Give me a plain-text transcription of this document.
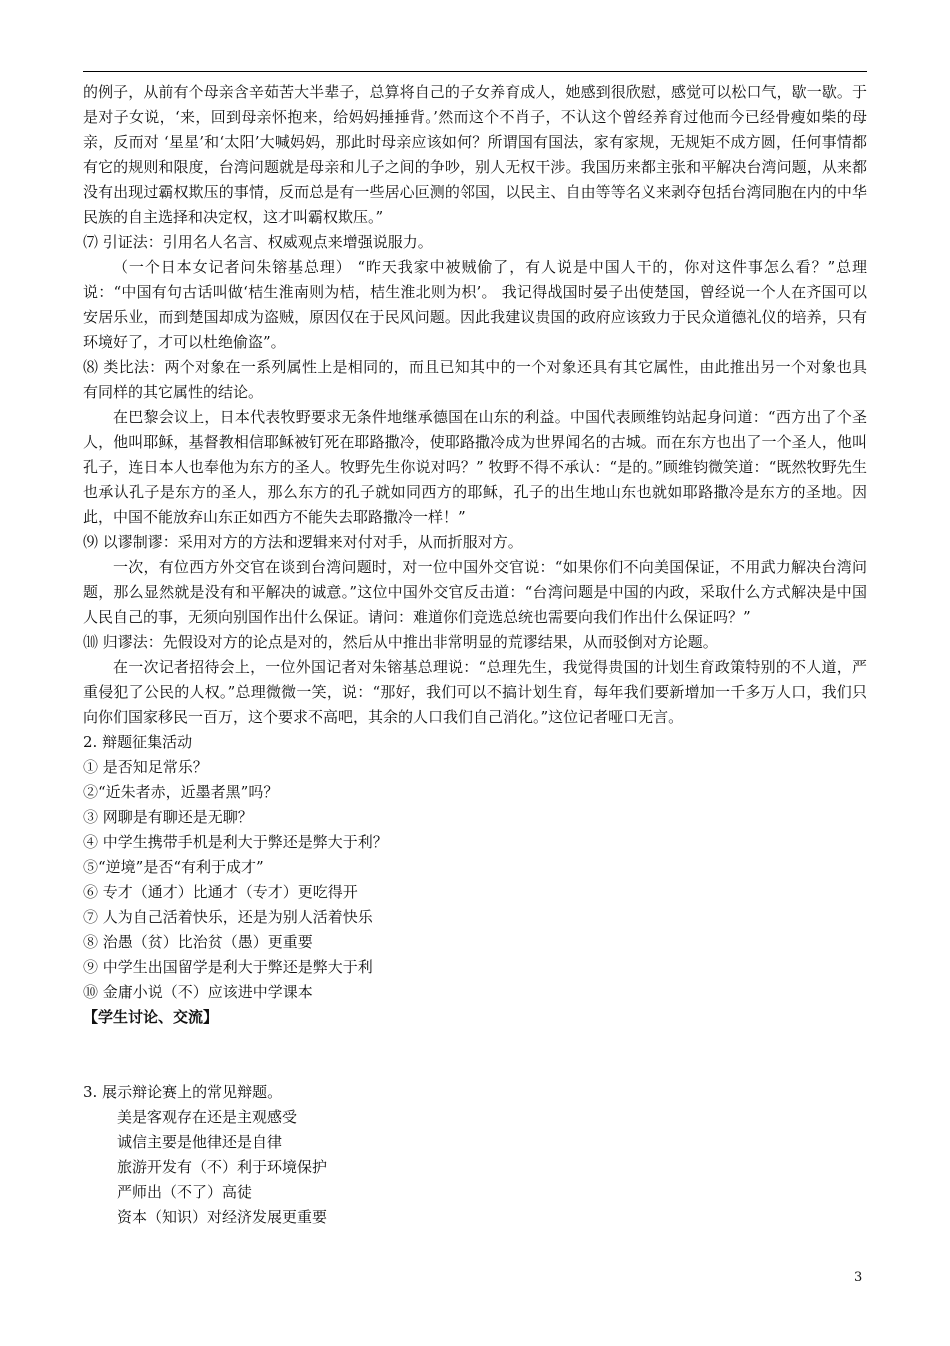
的例子，从前有个母亲含辛茹苦大半辈子，总算将自己的子女养育成人，她感到很欣慰，感觉可以松口气，歇一歇。于是对子女说，‘来，回到母亲怀抱来，给妈妈捶捶背。’然而这个不肖子，不认这个曾经养育过他而今已经骨瘦如柴的母亲，反而对 ‘星星’和‘太阳’大喊妈妈，那此时母亲应该如何？所谓国有国法，家有家规，无规矩不成方圆，任何事情都有它的规则和限度，台湾问题就是母亲和儿子之间的争吵，别人无权干涉。我国历来都主张和平解决台湾问题，从来都没有出现过霸权欺压的事情，反而总是有一些居心叵测的邻国，以民主、自由等等名义来剥夺包括台湾同胞在内的中华民族的自主选择和决定权，这才叫霸权欺压。”

⑺ 引证法：引用名人名言、权威观点来增强说服力。

（一个日本女记者问朱镕基总理） “昨天我家中被贼偷了，有人说是中国人干的，你对这件事怎么看？”总理说：“中国有句古话叫做‘桔生淮南则为桔，桔生淮北则为枳’。 我记得战国时晏子出使楚国，曾经说一个人在齐国可以安居乐业，而到楚国却成为盗贼，原因仅在于民风问题。因此我建议贵国的政府应该致力于民众道德礼仪的培养，只有环境好了，才可以杜绝偷盗”。

⑻ 类比法：两个对象在一系列属性上是相同的，而且已知其中的一个对象还具有其它属性，由此推出另一个对象也具有同样的其它属性的结论。

在巴黎会议上，日本代表牧野要求无条件地继承德国在山东的利益。中国代表顾维钧站起身问道：“西方出了个圣人，他叫耶稣，基督教相信耶稣被钉死在耶路撒冷，使耶路撒冷成为世界闻名的古城。而在东方也出了一个圣人，他叫孔子，连日本人也奉他为东方的圣人。牧野先生你说对吗？” 牧野不得不承认：“是的。”顾维钧微笑道：“既然牧野先生也承认孔子是东方的圣人，那么东方的孔子就如同西方的耶稣，孔子的出生地山东也就如耶路撒冷是东方的圣地。因此，中国不能放弃山东正如西方不能失去耶路撒冷一样！”

⑼ 以谬制谬：采用对方的方法和逻辑来对付对手，从而折服对方。

一次，有位西方外交官在谈到台湾问题时，对一位中国外交官说：“如果你们不向美国保证，不用武力解决台湾问题，那么显然就是没有和平解决的诚意。”这位中国外交官反击道：“台湾问题是中国的内政，采取什么方式解决是中国人民自己的事，无须向别国作出什么保证。请问：难道你们竞选总统也需要向我们作出什么保证吗？”

⑽ 归谬法：先假设对方的论点是对的，然后从中推出非常明显的荒谬结果，从而驳倒对方论题。

在一次记者招待会上，一位外国记者对朱镕基总理说：“总理先生，我觉得贵国的计划生育政策特别的不人道，严重侵犯了公民的人权。”总理微微一笑，说：“那好，我们可以不搞计划生育，每年我们要新增加一千多万人口，我们只向你们国家移民一百万，这个要求不高吧，其余的人口我们自己消化。”这位记者哑口无言。

2. 辩题征集活动

① 是否知足常乐？

②“近朱者赤，近墨者黑”吗？

③ 网聊是有聊还是无聊？

④ 中学生携带手机是利大于弊还是弊大于利？

⑤“逆境”是否“有利于成才”

⑥ 专才（通才）比通才（专才）更吃得开

⑦ 人为自己活着快乐，还是为别人活着快乐

⑧ 治愚（贫）比治贫（愚）更重要

⑨ 中学生出国留学是利大于弊还是弊大于利

⑩ 金庸小说（不）应该进中学课本

【学生讨论、交流】

3. 展示辩论赛上的常见辩题。

美是客观存在还是主观感受

诚信主要是他律还是自律

旅游开发有（不）利于环境保护

严师出（不了）高徒

资本（知识）对经济发展更重要

3
